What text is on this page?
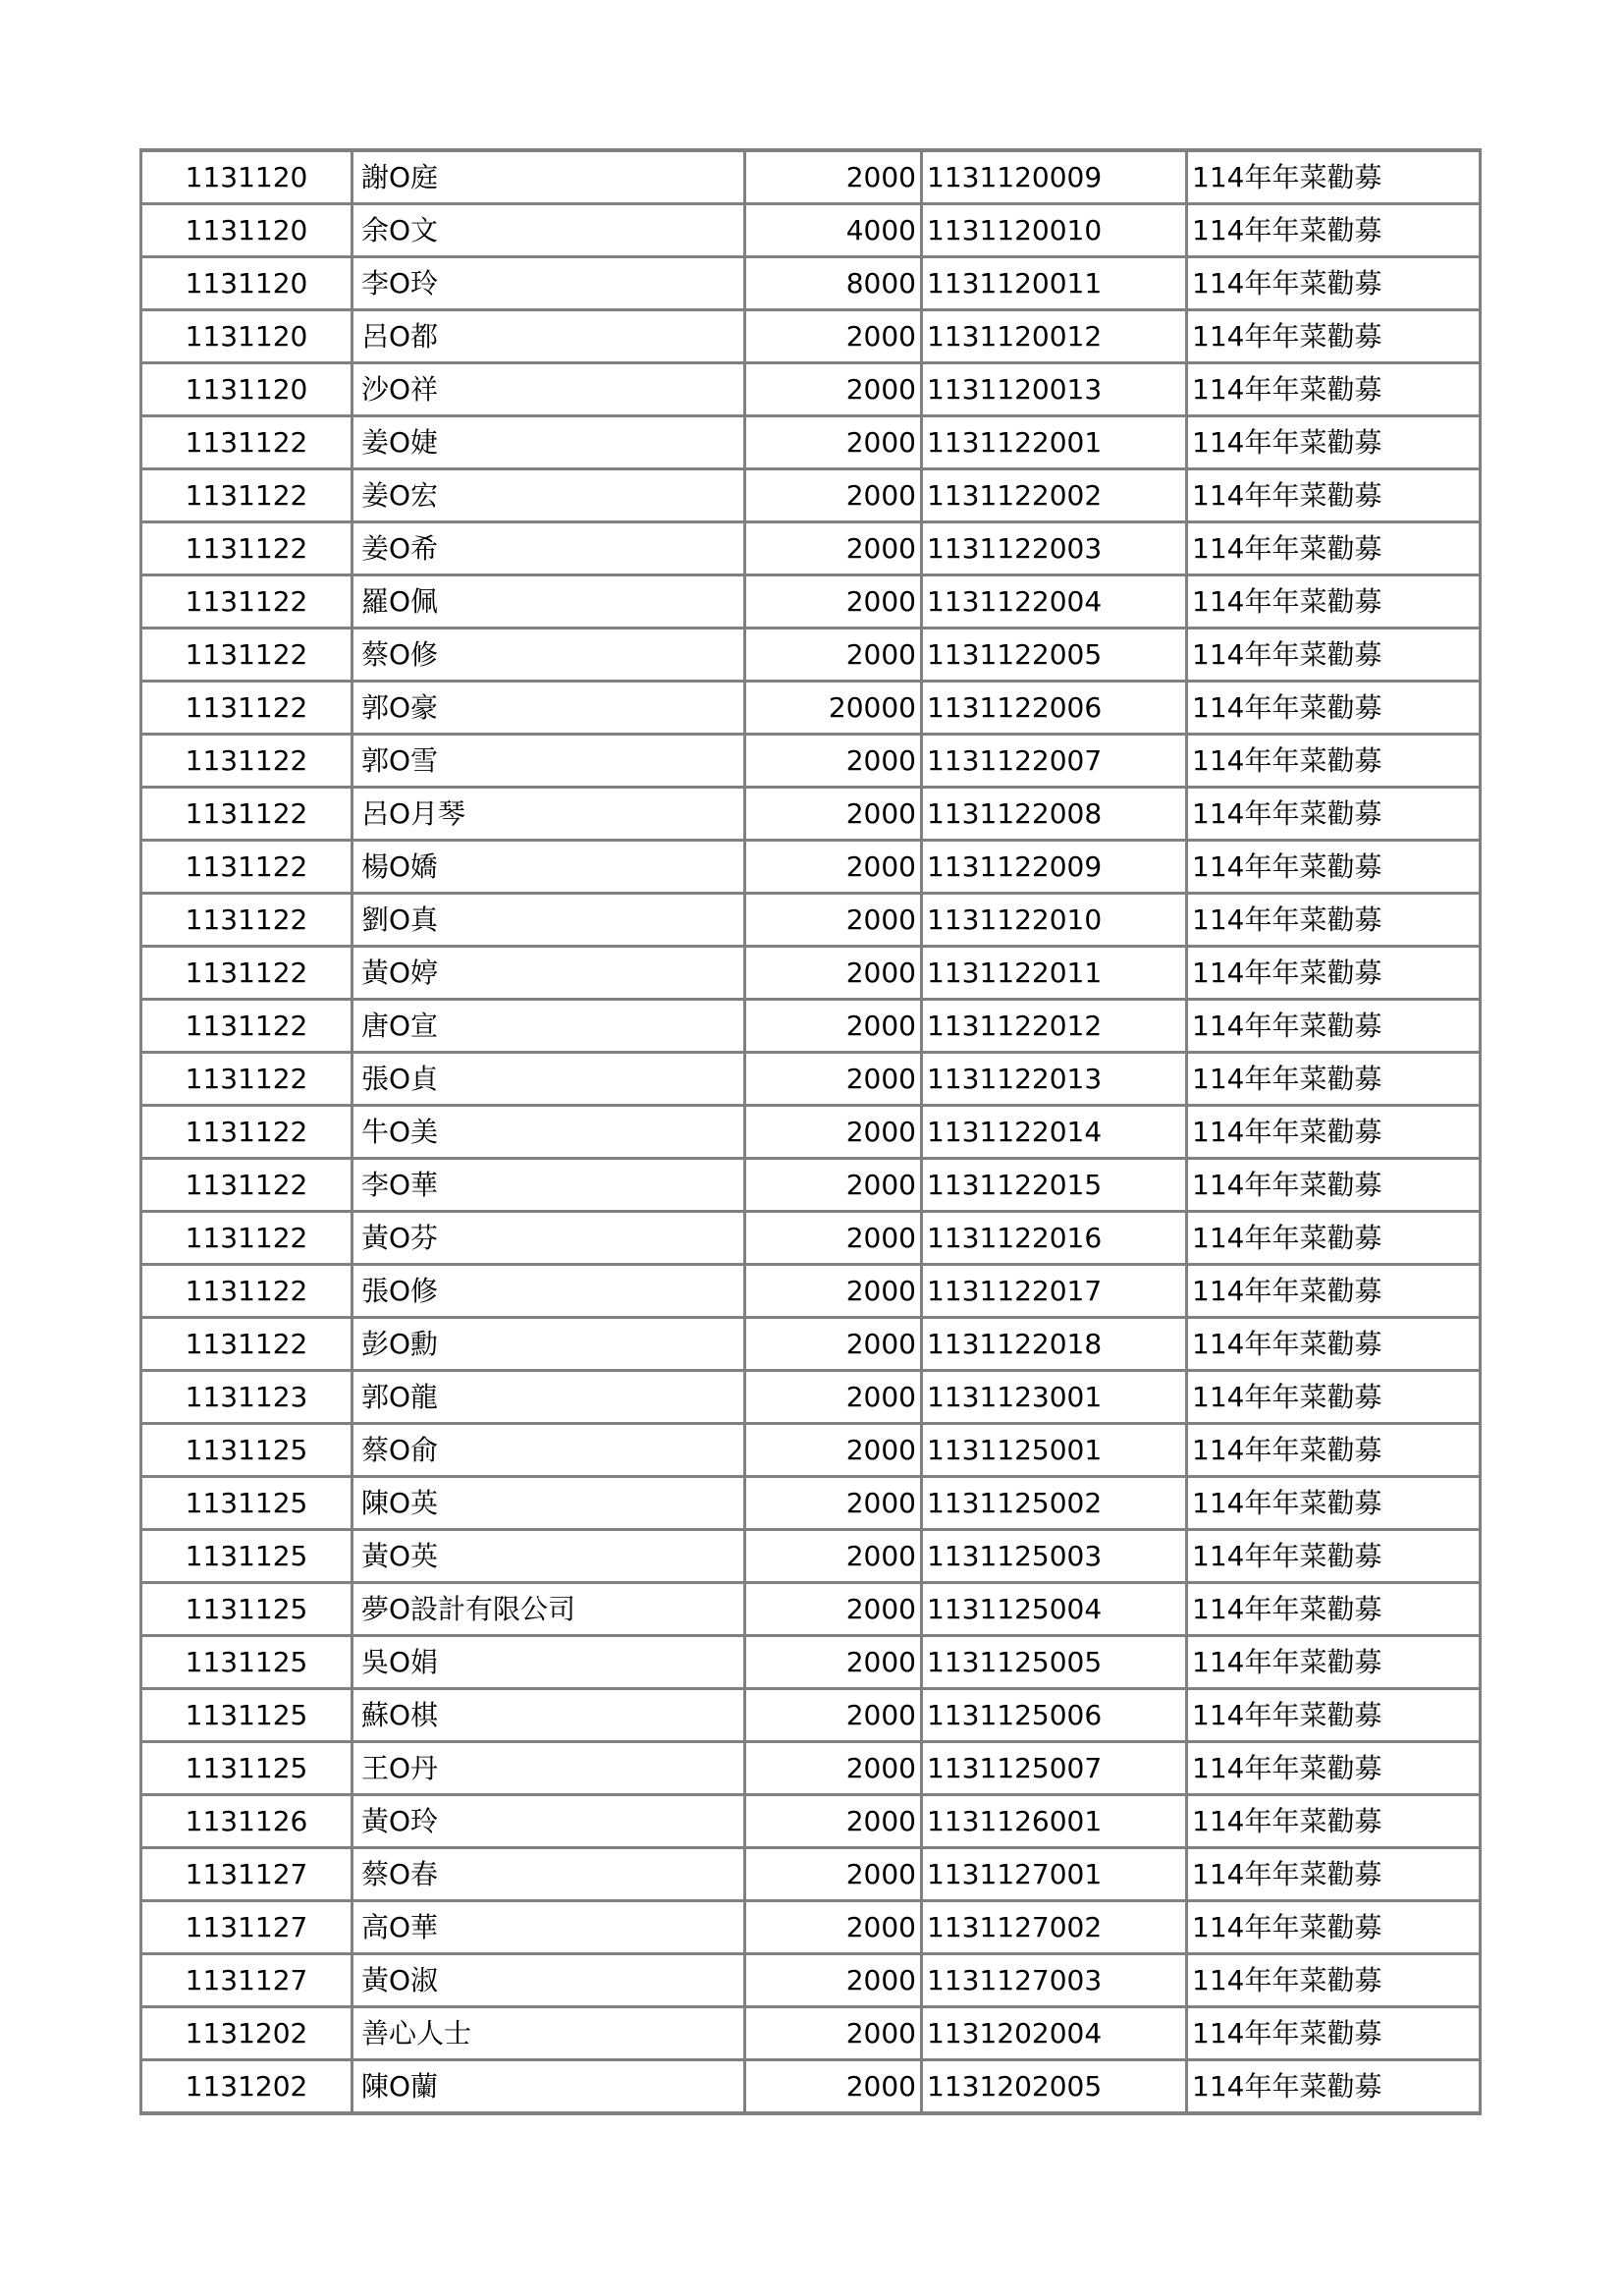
1131120	謝O庭	2000	1131120009	114年年菜勸募
1131120	余O文	4000	1131120010	114年年菜勸募
1131120	李O玲	8000	1131120011	114年年菜勸募
1131120	呂O都	2000	1131120012	114年年菜勸募
1131120	沙O祥	2000	1131120013	114年年菜勸募
1131122	姜O婕	2000	1131122001	114年年菜勸募
1131122	姜O宏	2000	1131122002	114年年菜勸募
1131122	姜O希	2000	1131122003	114年年菜勸募
1131122	羅O佩	2000	1131122004	114年年菜勸募
1131122	蔡O修	2000	1131122005	114年年菜勸募
1131122	郭O豪	20000	1131122006	114年年菜勸募
1131122	郭O雪	2000	1131122007	114年年菜勸募
1131122	呂O月琴	2000	1131122008	114年年菜勸募
1131122	楊O嬌	2000	1131122009	114年年菜勸募
1131122	劉O真	2000	1131122010	114年年菜勸募
1131122	黃O婷	2000	1131122011	114年年菜勸募
1131122	唐O宣	2000	1131122012	114年年菜勸募
1131122	張O貞	2000	1131122013	114年年菜勸募
1131122	牛O美	2000	1131122014	114年年菜勸募
1131122	李O華	2000	1131122015	114年年菜勸募
1131122	黃O芬	2000	1131122016	114年年菜勸募
1131122	張O修	2000	1131122017	114年年菜勸募
1131122	彭O勳	2000	1131122018	114年年菜勸募
1131123	郭O龍	2000	1131123001	114年年菜勸募
1131125	蔡O俞	2000	1131125001	114年年菜勸募
1131125	陳O英	2000	1131125002	114年年菜勸募
1131125	黃O英	2000	1131125003	114年年菜勸募
1131125	夢O設計有限公司	2000	1131125004	114年年菜勸募
1131125	吳O娟	2000	1131125005	114年年菜勸募
1131125	蘇O棋	2000	1131125006	114年年菜勸募
1131125	王O丹	2000	1131125007	114年年菜勸募
1131126	黃O玲	2000	1131126001	114年年菜勸募
1131127	蔡O春	2000	1131127001	114年年菜勸募
1131127	高O華	2000	1131127002	114年年菜勸募
1131127	黃O淑	2000	1131127003	114年年菜勸募
1131202	善心人士	2000	1131202004	114年年菜勸募
1131202	陳O蘭	2000	1131202005	114年年菜勸募
